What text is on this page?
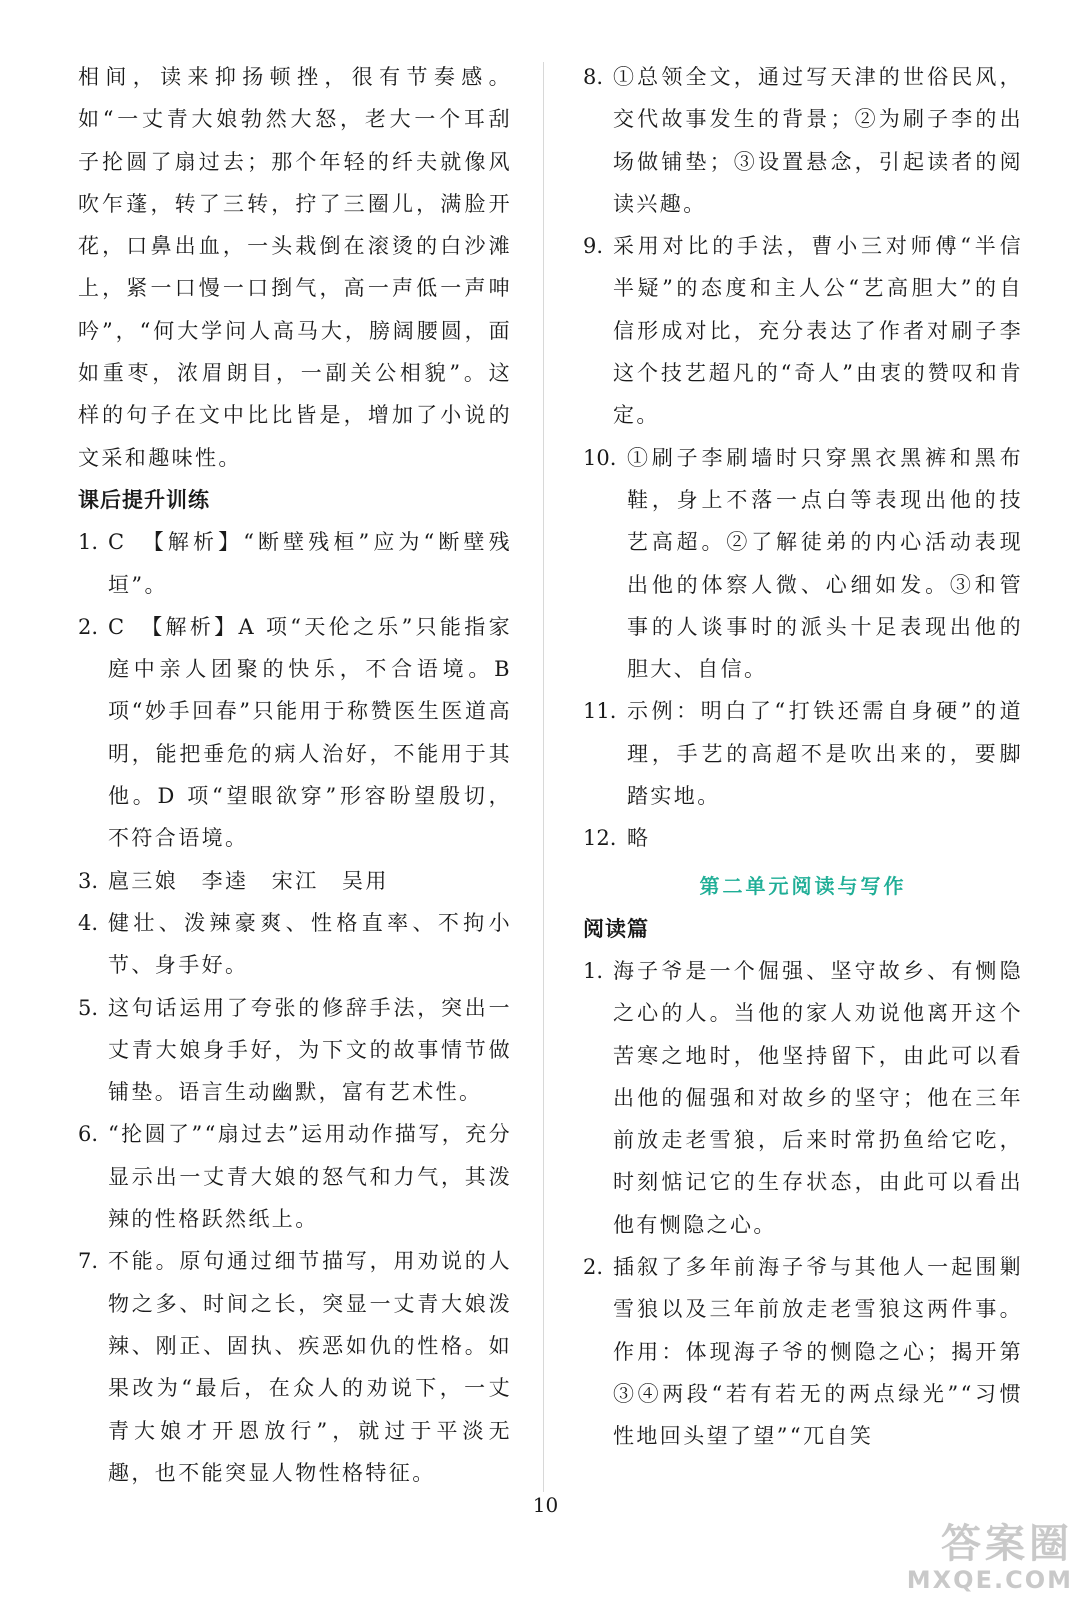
相间，读来抑扬顿挫，很有节奏感。如“一丈青大娘勃然大怒，老大一个耳刮子抡圆了扇过去；那个年轻的纤夫就像风吹乍蓬，转了三转，拧了三圈儿，满脸开花，口鼻出血，一头栽倒在滚烫的白沙滩上，紧一口慢一口捯气，高一声低一声呻吟”，“何大学问人高马大，膀阔腰圆，面如重枣，浓眉朗目，一副关公相貌”。这样的句子在文中比比皆是，增加了小说的文采和趣味性。

课后提升训练

1. C　【解析】“断壁残桓”应为“断壁残垣”。

2. C　【解析】A 项“天伦之乐”只能指家庭中亲人团聚的快乐，不合语境。B 项“妙手回春”只能用于称赞医生医道高明，能把垂危的病人治好，不能用于其他。D 项“望眼欲穿”形容盼望殷切，不符合语境。

3. 扈三娘　李逵　宋江　吴用

4. 健壮、泼辣豪爽、性格直率、不拘小节、身手好。

5. 这句话运用了夸张的修辞手法，突出一丈青大娘身手好，为下文的故事情节做铺垫。语言生动幽默，富有艺术性。

6. “抡圆了”“扇过去”运用动作描写，充分显示出一丈青大娘的怒气和力气，其泼辣的性格跃然纸上。

7. 不能。原句通过细节描写，用劝说的人物之多、时间之长，突显一丈青大娘泼辣、刚正、固执、疾恶如仇的性格。如果改为“最后，在众人的劝说下，一丈青大娘才开恩放行”，就过于平淡无趣，也不能突显人物性格特征。

8. ①总领全文，通过写天津的世俗民风，交代故事发生的背景；②为刷子李的出场做铺垫；③设置悬念，引起读者的阅读兴趣。

9. 采用对比的手法，曹小三对师傅“半信半疑”的态度和主人公“艺高胆大”的自信形成对比，充分表达了作者对刷子李这个技艺超凡的“奇人”由衷的赞叹和肯定。

10. ①刷子李刷墙时只穿黑衣黑裤和黑布鞋，身上不落一点白等表现出他的技艺高超。②了解徒弟的内心活动表现出他的体察人微、心细如发。③和管事的人谈事时的派头十足表现出他的胆大、自信。

11. 示例：明白了“打铁还需自身硬”的道理，手艺的高超不是吹出来的，要脚踏实地。

12. 略

第二单元阅读与写作

阅读篇

1. 海子爷是一个倔强、坚守故乡、有恻隐之心的人。当他的家人劝说他离开这个苦寒之地时，他坚持留下，由此可以看出他的倔强和对故乡的坚守；他在三年前放走老雪狼，后来时常扔鱼给它吃，时刻惦记它的生存状态，由此可以看出他有恻隐之心。

2. 插叙了多年前海子爷与其他人一起围剿雪狼以及三年前放走老雪狼这两件事。作用：体现海子爷的恻隐之心；揭开第③④两段“若有若无的两点绿光”“习惯性地回头望了望”“兀自笑

10
答案圈
MXQE.COM
